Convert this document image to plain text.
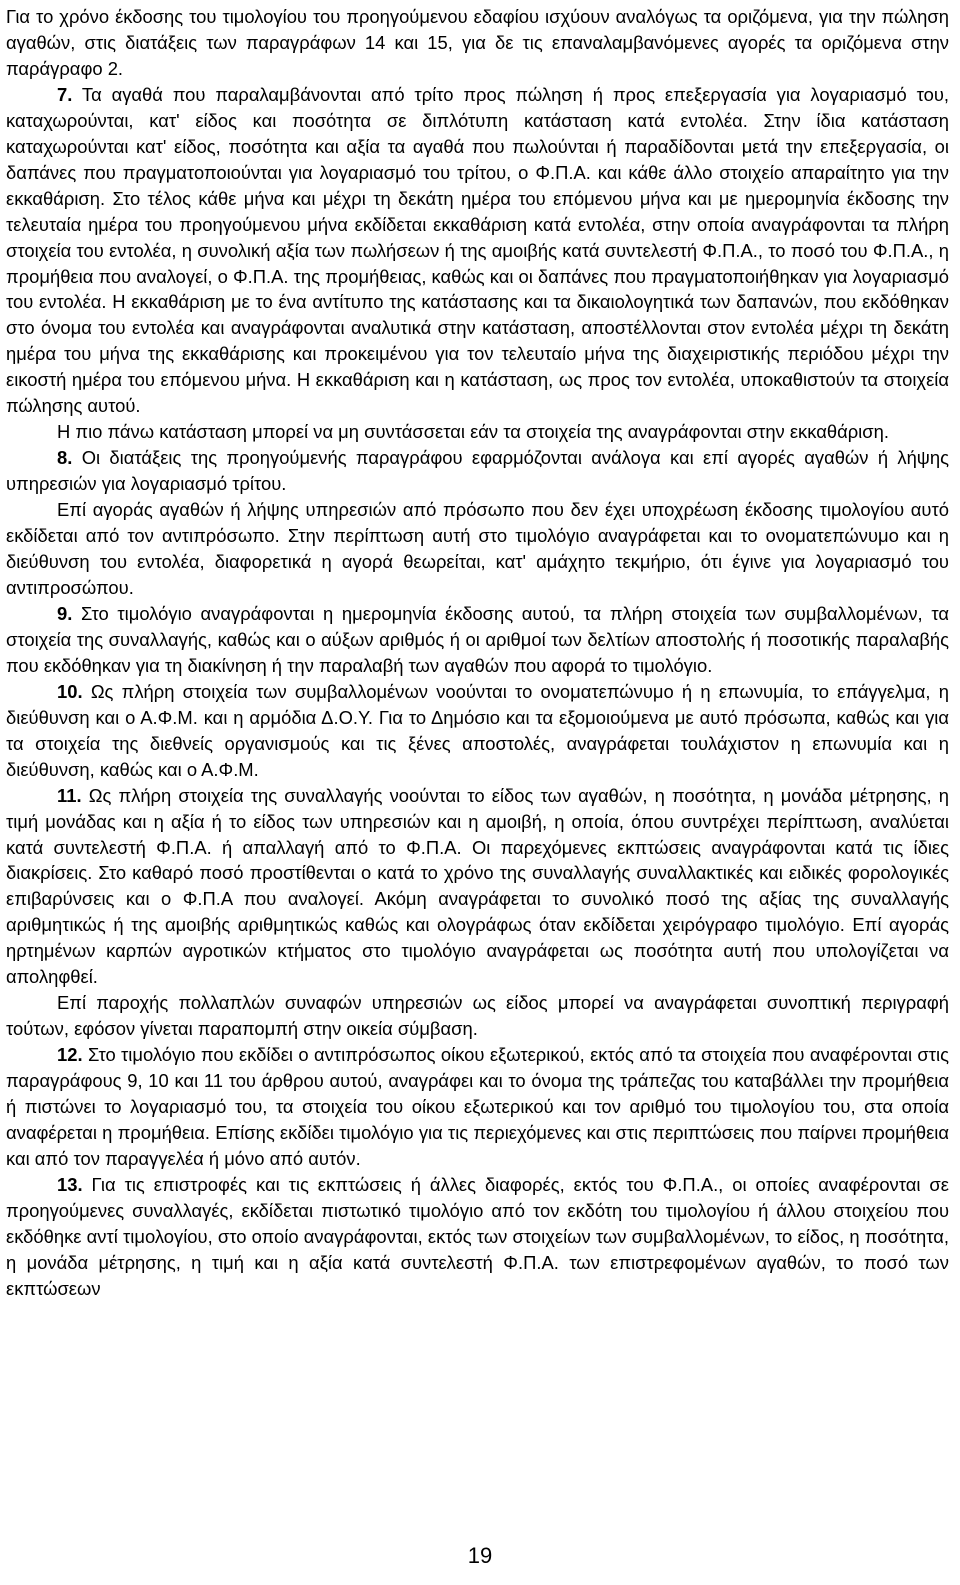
Για το χρόνο έκδοσης του τιμολογίου του προηγούμενου εδαφίου ισχύουν αναλόγως τα οριζόμενα, για την πώληση αγαθών, στις διατάξεις των παραγράφων 14 και 15, για δε τις επαναλαμβανόμενες αγορές τα οριζόμενα στην παράγραφο 2.

7. Τα αγαθά που παραλαμβάνονται από τρίτο προς πώληση ή προς επεξεργασία για λογαριασμό του, καταχωρούνται, κατ' είδος και ποσότητα σε διπλότυπη κατάσταση κατά εντολέα. Στην ίδια κατάσταση καταχωρούνται κατ' είδος, ποσότητα και αξία τα αγαθά που πωλούνται ή παραδίδονται μετά την επεξεργασία, οι δαπάνες που πραγματοποιούνται για λογαριασμό του τρίτου, ο Φ.Π.Α. και κάθε άλλο στοιχείο απαραίτητο για την εκκαθάριση. Στο τέλος κάθε μήνα και μέχρι τη δεκάτη ημέρα του επόμενου μήνα και με ημερομηνία έκδοσης την τελευταία ημέρα του προηγούμενου μήνα εκδίδεται εκκαθάριση κατά εντολέα, στην οποία αναγράφονται τα πλήρη στοιχεία του εντολέα, η συνολική αξία των πωλήσεων ή της αμοιβής κατά συντελεστή Φ.Π.Α., το ποσό του Φ.Π.Α., η προμήθεια που αναλογεί, ο Φ.Π.Α. της προμήθειας, καθώς και οι δαπάνες που πραγματοποιήθηκαν για λογαριασμό του εντολέα. Η εκκαθάριση με το ένα αντίτυπο της κατάστασης και τα δικαιολογητικά των δαπανών, που εκδόθηκαν στο όνομα του εντολέα και αναγράφονται αναλυτικά στην κατάσταση, αποστέλλονται στον εντολέα μέχρι τη δεκάτη ημέρα του μήνα της εκκαθάρισης και προκειμένου για τον τελευταίο μήνα της διαχειριστικής περιόδου μέχρι την εικοστή ημέρα του επόμενου μήνα. Η εκκαθάριση και η κατάσταση, ως προς τον εντολέα, υποκαθιστούν τα στοιχεία πώλησης αυτού.

Η πιο πάνω κατάσταση μπορεί να μη συντάσσεται εάν τα στοιχεία της αναγράφονται στην εκκαθάριση.

8. Οι διατάξεις της προηγούμενής παραγράφου εφαρμόζονται ανάλογα και επί αγορές αγαθών ή λήψης υπηρεσιών για λογαριασμό τρίτου.

Επί αγοράς αγαθών ή λήψης υπηρεσιών από πρόσωπο που δεν έχει υποχρέωση έκδοσης τιμολογίου αυτό εκδίδεται από τον αντιπρόσωπο. Στην περίπτωση αυτή στο τιμολόγιο αναγράφεται και το ονοματεπώνυμο και η διεύθυνση του εντολέα, διαφορετικά η αγορά θεωρείται, κατ' αμάχητο τεκμήριο, ότι έγινε για λογαριασμό του αντιπροσώπου.

9. Στο τιμολόγιο αναγράφονται η ημερομηνία έκδοσης αυτού, τα πλήρη στοιχεία των συμβαλλομένων, τα στοιχεία της συναλλαγής, καθώς και ο αύξων αριθμός ή οι αριθμοί των δελτίων αποστολής ή ποσοτικής παραλαβής που εκδόθηκαν για τη διακίνηση ή την παραλαβή των αγαθών που αφορά το τιμολόγιο.

10. Ως πλήρη στοιχεία των συμβαλλομένων νοούνται το ονοματεπώνυμο ή η επωνυμία, το επάγγελμα, η διεύθυνση και ο Α.Φ.Μ. και η αρμόδια Δ.Ο.Υ. Για το Δημόσιο και τα εξομοιούμενα με αυτό πρόσωπα, καθώς και για τα στοιχεία της διεθνείς οργανισμούς και τις ξένες αποστολές, αναγράφεται τουλάχιστον η επωνυμία και η διεύθυνση, καθώς και ο Α.Φ.Μ.

11. Ως πλήρη στοιχεία της συναλλαγής νοούνται το είδος των αγαθών, η ποσότητα, η μονάδα μέτρησης, η τιμή μονάδας και η αξία ή το είδος των υπηρεσιών και η αμοιβή, η οποία, όπου συντρέχει περίπτωση, αναλύεται κατά συντελεστή Φ.Π.Α. ή απαλλαγή από το Φ.Π.Α. Οι παρεχόμενες εκπτώσεις αναγράφονται κατά τις ίδιες διακρίσεις. Στο καθαρό ποσό προστίθενται ο κατά το χρόνο της συναλλαγής συναλλακτικές και ειδικές φορολογικές επιβαρύνσεις και ο Φ.Π.Α που αναλογεί. Ακόμη αναγράφεται το συνολικό ποσό της αξίας της συναλλαγής αριθμητικώς ή της αμοιβής αριθμητικώς καθώς και ολογράφως όταν εκδίδεται χειρόγραφο τιμολόγιο. Επί αγοράς ηρτημένων καρπών αγροτικών κτήματος στο τιμολόγιο αναγράφεται ως ποσότητα αυτή που υπολογίζεται να αποληφθεί.

Επί παροχής πολλαπλών συναφών υπηρεσιών ως είδος μπορεί να αναγράφεται συνοπτική περιγραφή τούτων, εφόσον γίνεται παραπομπή στην οικεία σύμβαση.

12. Στο τιμολόγιο που εκδίδει ο αντιπρόσωπος οίκου εξωτερικού, εκτός από τα στοιχεία που αναφέρονται στις παραγράφους 9, 10 και 11 του άρθρου αυτού, αναγράφει και το όνομα της τράπεζας του καταβάλλει την προμήθεια ή πιστώνει το λογαριασμό του, τα στοιχεία του οίκου εξωτερικού και τον αριθμό του τιμολογίου του, στα οποία αναφέρεται η προμήθεια. Επίσης εκδίδει τιμολόγιο για τις περιεχόμενες και στις περιπτώσεις που παίρνει προμήθεια και από τον παραγγελέα ή μόνο από αυτόν.

13. Για τις επιστροφές και τις εκπτώσεις ή άλλες διαφορές, εκτός του Φ.Π.Α., οι οποίες αναφέρονται σε προηγούμενες συναλλαγές, εκδίδεται πιστωτικό τιμολόγιο από τον εκδότη του τιμολογίου ή άλλου στοιχείου που εκδόθηκε αντί τιμολογίου, στο οποίο αναγράφονται, εκτός των στοιχείων των συμβαλλομένων, το είδος, η ποσότητα, η μονάδα μέτρησης, η τιμή και η αξία κατά συντελεστή Φ.Π.Α. των επιστρεφομένων αγαθών, το ποσό των εκπτώσεων

19
